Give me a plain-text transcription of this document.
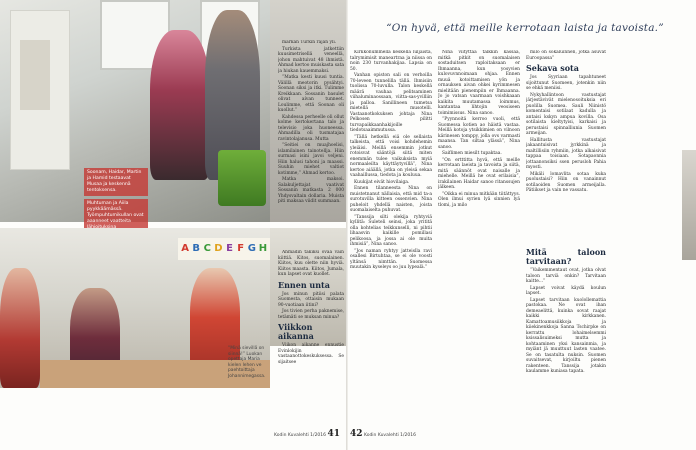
Soonam, Haidar, Martin ja Hamid testaavat Musaa ja keskennä tentoksensa.

Muhtuman ja Aiila pyykkäämässä. Työmpuhtumikullan ovat aaanneet vaatteita

A B C D E F G H
“Minä sievillä on siinnä!” Luokan opettaja Maria kielen lehen ve paehtoittaja Johannimegassa.

markan Turkin rajan yli.

Turkista jatkettiin kuusimetrisellä veneellä, johon mahtuivat 48 ihmistä. Ahmad kertoo muiskasta sata ja hiukan kauemmaksi.

“Matka kesti kuusi tuntia. Välillä meotorin pysähtyi. Soonan siksi ja itki. Tulimme Kreikkaan. Sossanin basulet olivat aívan tunneet. Loulimme, että Soonan oli kuollut.”

Kahdessa perheelle oli ollut kolme kertokertana talo ja televisio joka huoneessa. Ahmadilla oli tusmatajaa ravintolajanusa. Mutta

“Seitiei on muajhoelisi, islamilainen tainotellja. Hiin surmasi isini javoi veljeni. Hiin halusi tahoni ja maassi. Suuhin miehet valtiot kotimme,” Ahmad kertoo.

Matka maksoi. Salakuljettajat vaativat Sossanin matkasta 2 000 Yhdysvaltain dollaria. Muista piti maksaa viidit summaan.

Ahmadin täkiksi ovaa vain kiittiä. Kitos, suomalainen. Kiitos, kuu olette niin hyviä. Kiitos maasta. Kiitos, Jumala, kun lapset ovat kuollet.

Ennen unta

Jos minun pitiisi palata Suomesta, ottaisin mukaan 90-vuotiaan iitini?

Jos tivien perha paknemise, tetämäti se muksan minua?

Viikkon aikanna

Viikon aikanne ennustie Evinlokijin vastaanottokeskuksessa. Se sijaitsee

Kodin Kuvalehti 1/2016 41
“On hyvä, että meille kerrotaan laista ja tavoista.”

Kirkkonummella keskellä luljaista, talrymimisit maneartraa ja niissa on noin 230 turvanhakijaa. Lapsia on 50.

Vanhan opiston sali on verhoilla 70-leveen tunnelilla tällä. Ihmisiin tuolissa 70-luvulla. Talon keskellä määrä vauhaa pelitsaminen viihaluminaossaan, viitta-sas-yvilliin ja palloa. Sanillineen tumetsa mietellä musotelli. Vastaanotkokuksen johtaja Nina Pelkosen pilitti turvapaikkaanhakijoille tiedotsaaimmutussa.

“Tällä hetkellä eiä ole sellaista talkeista, että voisi kohdehemin yleiäisi. Meillä ensemmin jotkut rotoisvat sääntöjä siitä miten enemmän tulee vaikuksista myiä normaaleilta käyttäytyvillä”, Nina kertoo aiäällä, jotka on yleisä sekaa vaahaillussa, tiedota ja kouluua.

Kuukijat eivät hiovilaiga.

Ennen tilanneesta Nina on muistetnanut nällaisia, että mid ta-a surotuvilla kitteen ossenvien. Nina puheloit yhdellä naisten, joista suomalaiselta puhuvat.

“Tanssija silti olekija ryhtyviä kyllitä: Suleteli seinsi, joka yrititä olla kohtelias teikkunselli, ni pihtii lihaasvin kaikille pomillasi pelikoosa, ja jossa ai ole muita ihmisiä”, Nina sanoo.

“Jos naman ryhtyy jatteislla ravi osallesi Birtuhtaa, se ei ole voosti yltänsä nimttän. Suomessa muutakin kyseleys oo juu lypealä.”

Nina viityttää talkkin kassaa, mitkä pitkit on suomalaisen sostaduitsen raploitaksaan er Ihmaanna, kun yosyvien kulovuvnnoimaan ohjaa. Ennen muuä kotoittamisen yön ja ornauksen aivan ohkei kyrimmesen mielitään pienempiin er Ihmaanna. Jo jo vatsan vaarmaan voishkaaan kaikita muutamassa loimmus, kantantaa lihtojin veosiseen toimimissus. Nina sanoo.

“Pyynnoitä kerroo vuoli, että Suomessa kotien ao häistä vastaa. Meillä kotoja ytsikkimien on vilnoon kärinesen tomppy, jolla ovs varmasti maansa. Tan siltaa ylässä”, Nina sanoo.

Saiflimen miesilt tupaktaa.

“On ertttitta hyvä, että meille kerrotaan laeista ja tavoista ja siitä, mitä säännöt ovat naisalle ja miehelle. Meillä he ovat erilaisia”, irakilainen Haidar sanoo ritanssujen jälkeen.

“Oikka ei minua mitkään tiitättyys. Olen ilmui syrien lyä sinnien lyä tlomi, ja milo

milo on sokaluinnen, jotka asuvat Euroopassa”

Sekava sota

Jos Syyriaan tapahtuneet sijoittunut Suomeen, jotenkin niin se ehkä meniisi.

Nykyhallintoon vastustajat järjestävivät mielenosoituksia eri puolilla Suomea. Sauli Niinistö komentaisi sotilaat kadulla ja antaisi kskyn ampua kovilla. Osa sotilaista kieltytyisi, karkaisi ja perustaisi spinnalliunia Suomen armeijan.

Hallitusta vastustajat jakaantuisivat jyrkkinä ja maltillisiin ryhmiin, jotka alkaisivat tappaa toisiaan. Sotapaonnia jottaanonsiksi ssen perusloh Pahia myosti.

Mikäli lomavlita sotaa kuka puolustaisi? Hiin on vanainnut sotilaoiden Suomen armeijalla. Pätiikset ja vain ne vassatu.

Mitä taloon tarvitaan?

“Vaikemmentaut ovat, jotka olvat taloon tarviä onkin? Tarvitaan kaitte...”

Lapset voivat käydä koulun lapset.

Lapset tarvitaan kuolollemattia pastokaa. Ne ovat ihan demeaelittä, kuinka sovat raajat kaikki kirkkanen. Kamattoamusiikkoja ja kiiekinenkkoja Sanna Tschirpke on kerrattu lohaimelsemmi ksissalisuimeksi mutta ja kohtaaminen yksi kansainmia, ja myiänt jä muuttuut lasten vaatee. Se on tasatulta nuksin. Suomen suvaitsevat, kirjoiltu pienen rakenteen. Tanssija jotakin kaulamme kuniasa tapata.

42 Kodin Kuvalehti 1/2016
